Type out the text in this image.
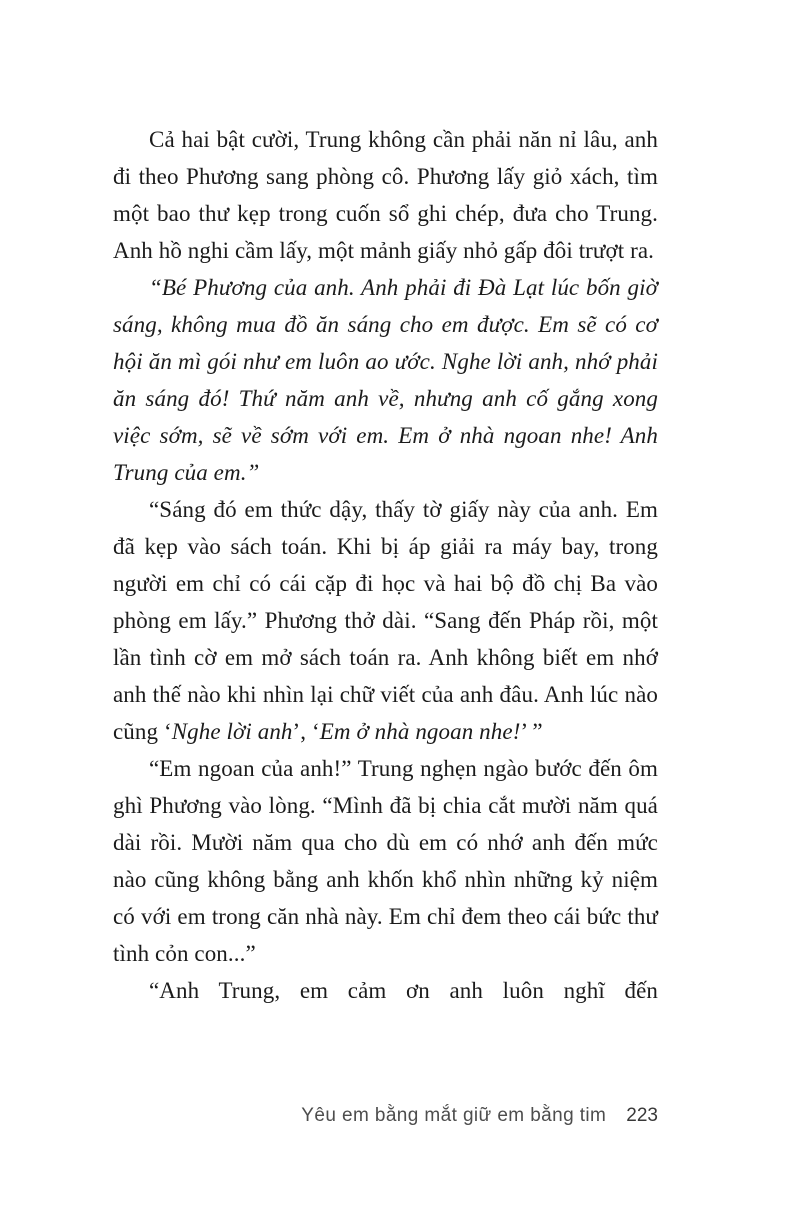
Cả hai bật cười, Trung không cần phải năn nỉ lâu, anh đi theo Phương sang phòng cô. Phương lấy giỏ xách, tìm một bao thư kẹp trong cuốn sổ ghi chép, đưa cho Trung. Anh hồ nghi cầm lấy, một mảnh giấy nhỏ gấp đôi trượt ra.

“Bé Phương của anh. Anh phải đi Đà Lạt lúc bốn giờ sáng, không mua đồ ăn sáng cho em được. Em sẽ có cơ hội ăn mì gói như em luôn ao ước. Nghe lời anh, nhớ phải ăn sáng đó! Thứ năm anh về, nhưng anh cố gắng xong việc sớm, sẽ về sớm với em. Em ở nhà ngoan nhe! Anh Trung của em.”

“Sáng đó em thức dậy, thấy tờ giấy này của anh. Em đã kẹp vào sách toán. Khi bị áp giải ra máy bay, trong người em chỉ có cái cặp đi học và hai bộ đồ chị Ba vào phòng em lấy.” Phương thở dài. “Sang đến Pháp rồi, một lần tình cờ em mở sách toán ra. Anh không biết em nhớ anh thế nào khi nhìn lại chữ viết của anh đâu. Anh lúc nào cũng ‘Nghe lời anh’, ‘Em ở nhà ngoan nhe!’ ”

“Em ngoan của anh!” Trung nghẹn ngào bước đến ôm ghì Phương vào lòng. “Mình đã bị chia cắt mười năm quá dài rồi. Mười năm qua cho dù em có nhớ anh đến mức nào cũng không bằng anh khốn khổ nhìn những kỷ niệm có với em trong căn nhà này. Em chỉ đem theo cái bức thư tình cỏn con...”

“Anh Trung, em cảm ơn anh luôn nghĩ đến

Yêu em bằng mắt giữ em bằng tim 223
